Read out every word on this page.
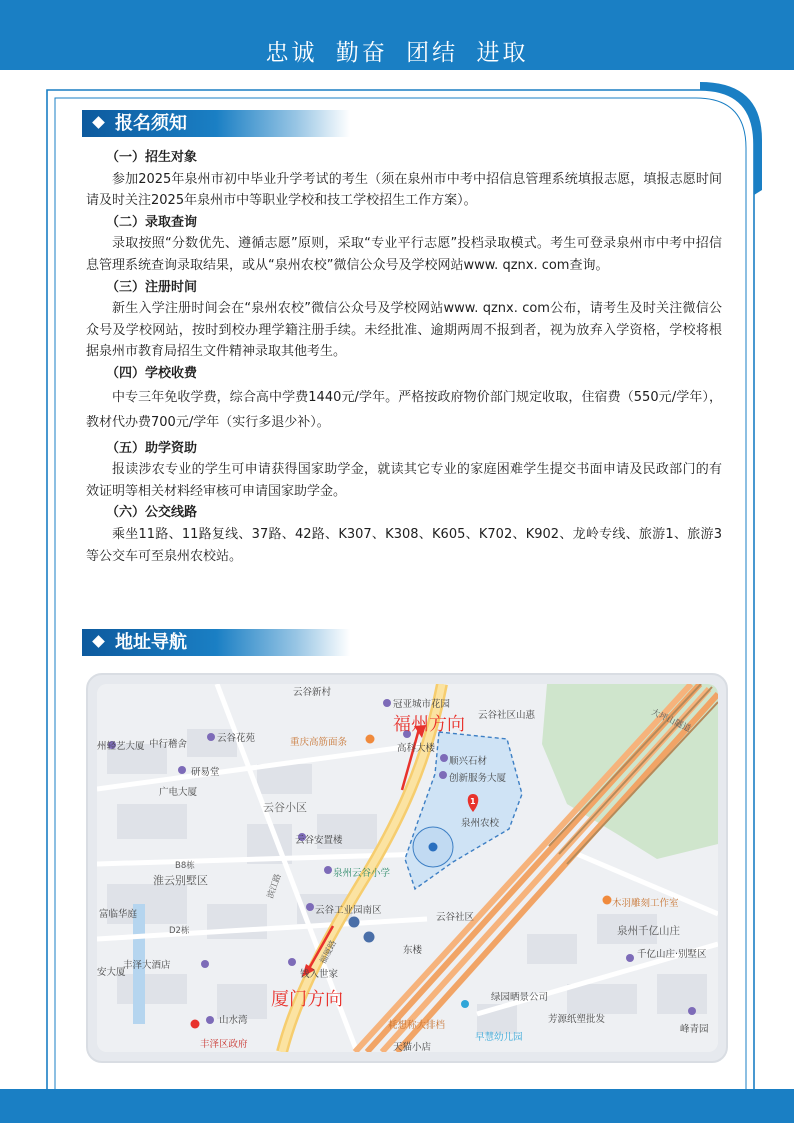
忠诚 勤奋 团结 进取
报名须知
（一）招生对象
参加2025年泉州市初中毕业升学考试的考生（须在泉州市中考中招信息管理系统填报志愿，填报志愿时间请及时关注2025年泉州市中等职业学校和技工学校招生工作方案）。
（二）录取查询
录取按照“分数优先、遵循志愿”原则，采取“专业平行志愿”投档录取模式。考生可登录泉州市中考中招信息管理系统查询录取结果，或从“泉州农校”微信公众号及学校网站www. qznx. com查询。
（三）注册时间
新生入学注册时间会在“泉州农校”微信公众号及学校网站www. qznx. com公布，请考生及时关注微信公众号及学校网站，按时到校办理学籍注册手续。未经批准、逾期两周不报到者，视为放弃入学资格，学校将根据泉州市教育局招生文件精神录取其他考生。
（四）学校收费
中专三年免收学费，综合高中学费1440元/学年。严格按政府物价部门规定收取，住宿费（550元/学年），教材代办费700元/学年（实行多退少补）。
（五）助学资助
报读涉农专业的学生可申请获得国家助学金，就读其它专业的家庭困难学生提交书面申请及民政部门的有效证明等相关材料经审核可申请国家助学金。
（六）公交线路
乘坐11路、11路复线、37路、42路、K307、K308、K605、K702、K902、龙岭专线、旅游1、旅游3等公交车可至泉州农校站。
地址导航
云谷新村
冠亚城市花园
云谷社区山惠	大坪山隧道
州轻艺大厦 中行稽舍
云谷花苑	重庆高筋面条
高科大楼
顺兴石材
创新服务大厦
研易堂
广电大厦
云谷小区
泉州农校
云谷安置楼
B8栋
淮云别墅区
泉州云谷小学
云谷工业园南区
云谷社区
木羽雕刻工作室
泉州千亿山庄
千亿山庄·别墅区
富临华庭
D2栋
滨江路
福厦路	东楼
钱入世家
丰泽大酒店
安大厦
绿园晒景公司
山水湾
峰青园
丰泽区政府
耗想称大排档
芳源纸塑批发
早慧幼儿园
天猫小店
福州方向
厦门方向
1
